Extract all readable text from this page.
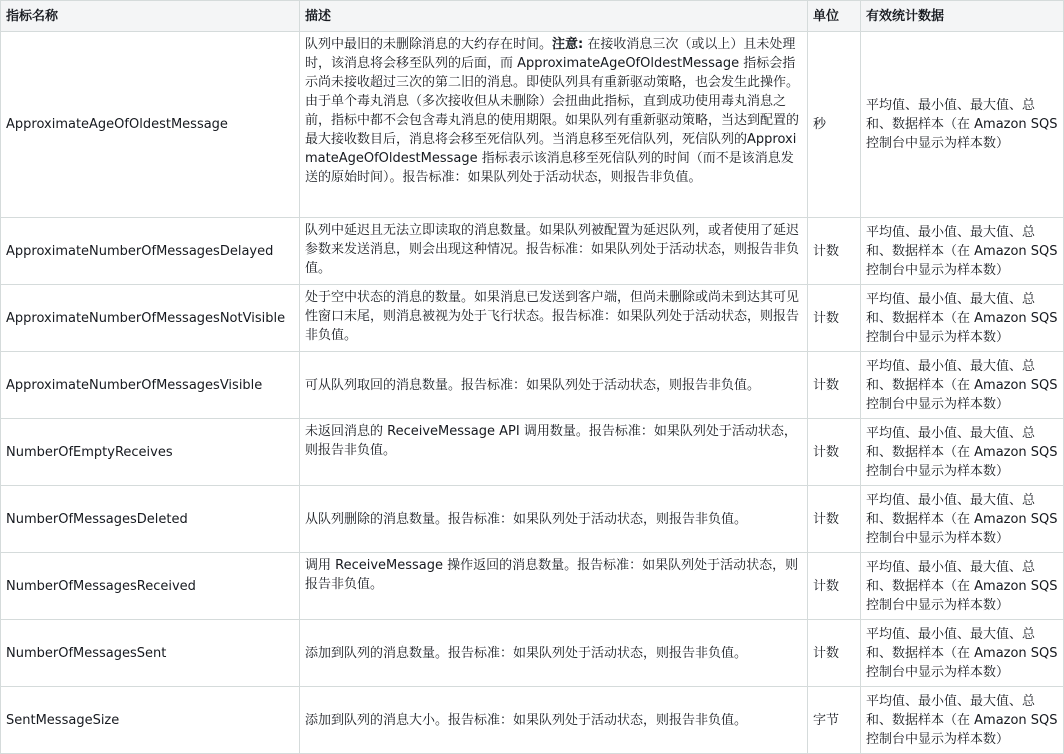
指标名称	描述	单位	有效统计数据
ApproximateAgeOfOldestMessage	队列中最旧的未删除消息的大约存在时间。注意: 在接收消息三次（或以上）且未处理时，该消息将会移至队列的后面，而 ApproximateAgeOfOldestMessage 指标会指示尚未接收超过三次的第二旧的消息。即使队列具有重新驱动策略，也会发生此操作。由于单个毒丸消息（多次接收但从未删除）会扭曲此指标，直到成功使用毒丸消息之前，指标中都不会包含毒丸消息的使用期限。如果队列有重新驱动策略，当达到配置的最大接收数目后，消息将会移至死信队列。当消息移至死信队列，死信队列的ApproximateAgeOfOldestMessage 指标表示该消息移至死信队列的时间（而不是该消息发送的原始时间）。报告标准：如果队列处于活动状态，则报告非负值。	秒	平均值、最小值、最大值、总和、数据样本（在 Amazon SQS 控制台中显示为样本数）
ApproximateNumberOfMessagesDelayed	队列中延迟且无法立即读取的消息数量。如果队列被配置为延迟队列，或者使用了延迟参数来发送消息，则会出现这种情况。报告标准：如果队列处于活动状态，则报告非负值。	计数	平均值、最小值、最大值、总和、数据样本（在 Amazon SQS 控制台中显示为样本数）
ApproximateNumberOfMessagesNotVisible	处于空中状态的消息的数量。如果消息已发送到客户端，但尚未删除或尚未到达其可见性窗口末尾，则消息被视为处于飞行状态。报告标准：如果队列处于活动状态，则报告非负值。	计数	平均值、最小值、最大值、总和、数据样本（在 Amazon SQS 控制台中显示为样本数）
ApproximateNumberOfMessagesVisible	可从队列取回的消息数量。报告标准：如果队列处于活动状态，则报告非负值。	计数	平均值、最小值、最大值、总和、数据样本（在 Amazon SQS 控制台中显示为样本数）
NumberOfEmptyReceives	未返回消息的 ReceiveMessage API 调用数量。报告标准：如果队列处于活动状态，则报告非负值。	计数	平均值、最小值、最大值、总和、数据样本（在 Amazon SQS 控制台中显示为样本数）
NumberOfMessagesDeleted	从队列删除的消息数量。报告标准：如果队列处于活动状态，则报告非负值。	计数	平均值、最小值、最大值、总和、数据样本（在 Amazon SQS 控制台中显示为样本数）
NumberOfMessagesReceived	调用 ReceiveMessage 操作返回的消息数量。报告标准：如果队列处于活动状态，则报告非负值。	计数	平均值、最小值、最大值、总和、数据样本（在 Amazon SQS 控制台中显示为样本数）
NumberOfMessagesSent	添加到队列的消息数量。报告标准：如果队列处于活动状态，则报告非负值。	计数	平均值、最小值、最大值、总和、数据样本（在 Amazon SQS 控制台中显示为样本数）
SentMessageSize	添加到队列的消息大小。报告标准：如果队列处于活动状态，则报告非负值。	字节	平均值、最小值、最大值、总和、数据样本（在 Amazon SQS 控制台中显示为样本数）
